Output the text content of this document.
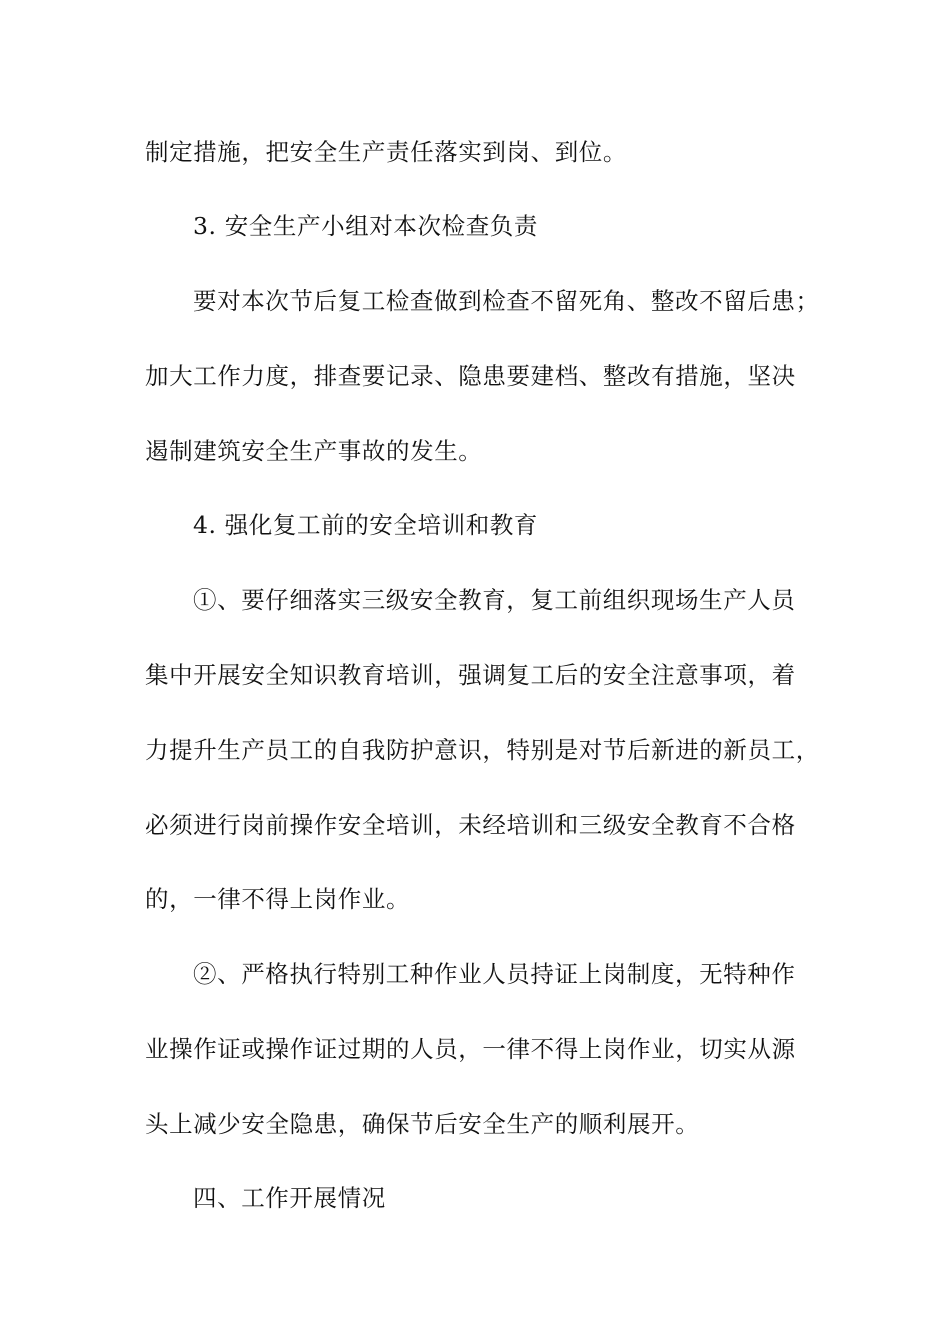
制定措施，把安全生产责任落实到岗、到位。
3. 安全生产小组对本次检查负责
要对本次节后复工检查做到检查不留死角、整改不留后患；
加大工作力度，排查要记录、隐患要建档、整改有措施，坚决
遏制建筑安全生产事故的发生。
4. 强化复工前的安全培训和教育
①、要仔细落实三级安全教育，复工前组织现场生产人员
集中开展安全知识教育培训，强调复工后的安全注意事项，着
力提升生产员工的自我防护意识，特别是对节后新进的新员工，
必须进行岗前操作安全培训，未经培训和三级安全教育不合格
的，一律不得上岗作业。
②、严格执行特别工种作业人员持证上岗制度，无特种作
业操作证或操作证过期的人员，一律不得上岗作业，切实从源
头上减少安全隐患，确保节后安全生产的顺利展开。
四、工作开展情况
